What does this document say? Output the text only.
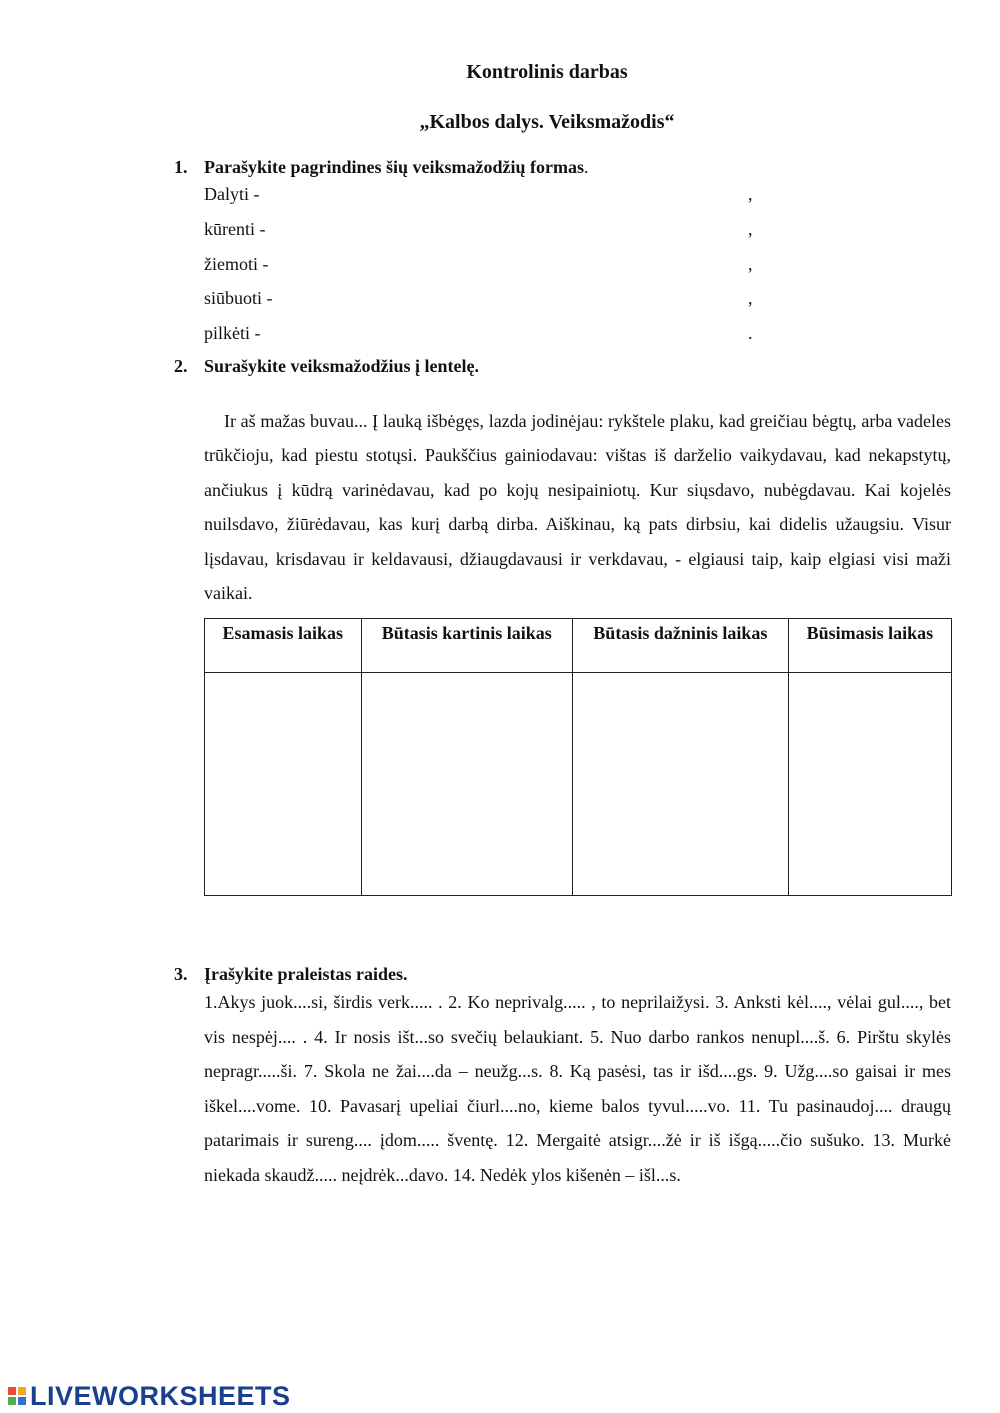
Kontrolinis darbas
„Kalbos dalys. Veiksmažodis“
1. Parašykite pagrindines šių veiksmažodžių formas.
Dalyti -	,
kūrenti -	,
žiemoti -	,
siūbuoti -	,
pilkėti -	.
2. Surašykite veiksmažodžius į lentelę.
Ir aš mažas buvau... Į lauką išbėgęs, lazda jodinėjau: rykštele plaku, kad greičiau bėgtų, arba vadeles trūkčioju, kad piestu stotųsi. Paukščius gainiodavau: vištas iš darželio vaikydavau, kad nekapstytų, ančiukus į kūdrą varinėdavau, kad po kojų nesipainiotų. Kur siųsdavo, nubėgdavau. Kai kojelės nuilsdavo, žiūrėdavau, kas kurį darbą dirba. Aiškinau, ką pats dirbsiu, kai didelis užaugsiu. Visur lįsdavau, krisdavau ir keldavausi, džiaugdavausi ir verkdavau, - elgiausi taip, kaip elgiasi visi maži vaikai.
Esamasis laikas	Būtasis kartinis laikas	Būtasis dažninis laikas	Būsimasis laikas

3. Įrašykite praleistas raides.
1.Akys juok....si, širdis verk..... . 2. Ko neprivalg..... , to neprilaižysi. 3. Anksti kėl...., vėlai gul...., bet vis nespėj.... . 4. Ir nosis išt...so svečių belaukiant. 5. Nuo darbo rankos nenupl....š. 6. Pirštu skylės nepragr.....ši. 7. Skola ne žai....da – neužg...s. 8. Ką pasėsi, tas ir išd....gs. 9. Užg....so gaisai ir mes iškel....vome. 10. Pavasarį upeliai čiurl....no, kieme balos tyvul.....vo. 11. Tu pasinaudoj.... draugų patarimais ir sureng.... įdom..... šventę. 12. Mergaitė atsigr....žė ir iš išgą.....čio sušuko. 13. Murkė niekada skaudž..... neįdrėk...davo. 14. Nedėk ylos kišenėn – išl...s.
LIVEWORKSHEETS
